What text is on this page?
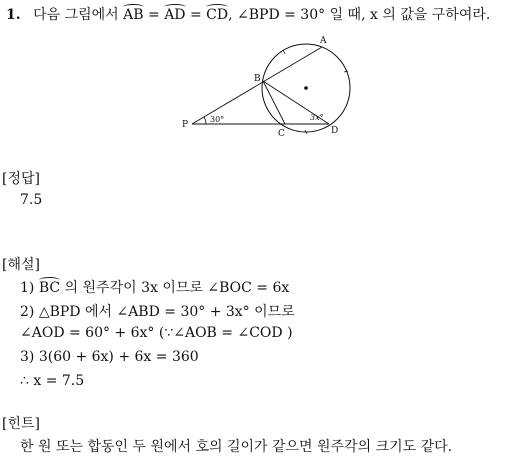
1. 다음 그림에서 AB = AD = CD, ∠BPD = 30° 일 때, x 의 값을 구하여라.
A
B
C	D
P
30°	3x°
[정답]
7.5
[해설]
1) BC 의 원주각이 3x 이므로 ∠BOC = 6x
2) △BPD 에서 ∠ABD = 30° + 3x° 이므로
∠AOD = 60° + 6x° (∵∠AOB = ∠COD )
3) 3(60 + 6x) + 6x = 360
∴ x = 7.5
[힌트]
한 원 또는 합동인 두 원에서 호의 길이가 같으면 원주각의 크기도 같다.
